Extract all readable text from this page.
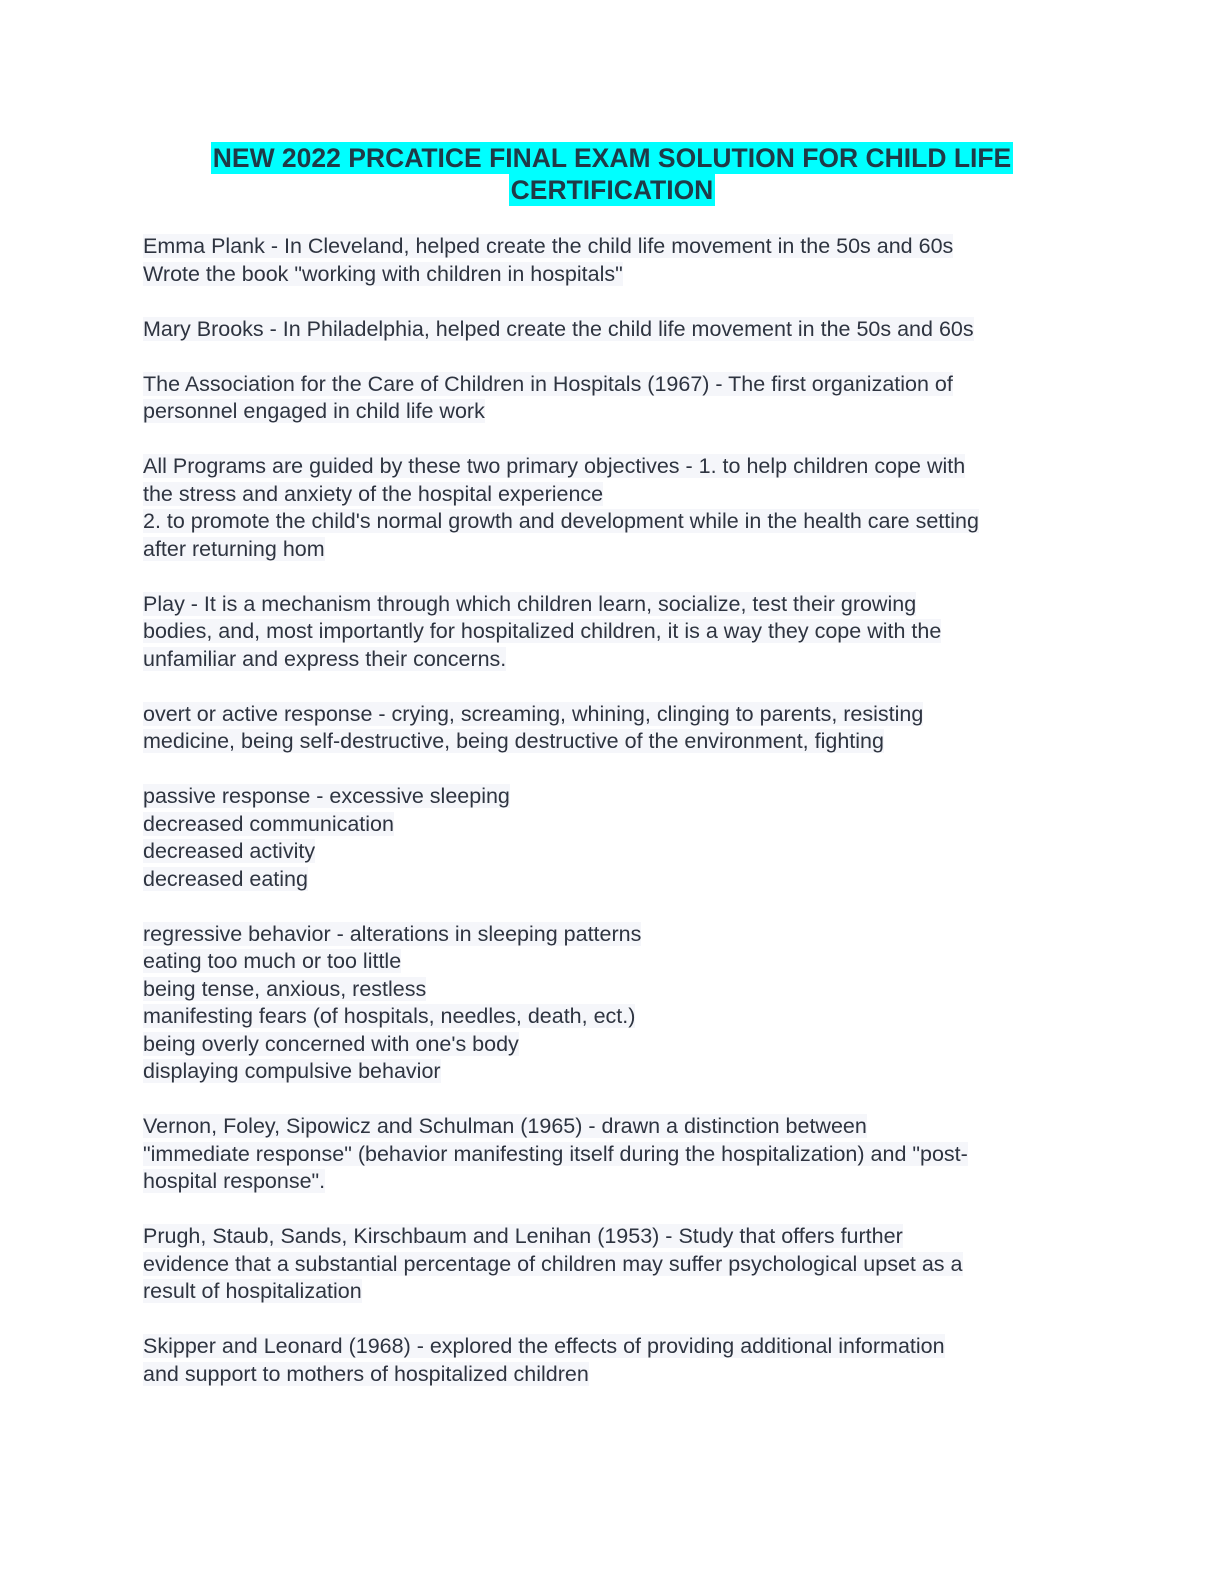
NEW 2022 PRCATICE FINAL EXAM SOLUTION FOR CHILD LIFE
CERTIFICATION
Emma Plank - In Cleveland, helped create the child life movement in the 50s and 60s
Wrote the book "working with children in hospitals"
Mary Brooks - In Philadelphia, helped create the child life movement in the 50s and 60s
The Association for the Care of Children in Hospitals (1967) - The first organization of
personnel engaged in child life work
All Programs are guided by these two primary objectives - 1. to help children cope with
the stress and anxiety of the hospital experience
2. to promote the child's normal growth and development while in the health care setting
after returning hom
Play - It is a mechanism through which children learn, socialize, test their growing
bodies, and, most importantly for hospitalized children, it is a way they cope with the
unfamiliar and express their concerns.
overt or active response - crying, screaming, whining, clinging to parents, resisting
medicine, being self-destructive, being destructive of the environment, fighting
passive response - excessive sleeping
decreased communication
decreased activity
decreased eating
regressive behavior - alterations in sleeping patterns
eating too much or too little
being tense, anxious, restless
manifesting fears (of hospitals, needles, death, ect.)
being overly concerned with one's body
displaying compulsive behavior
Vernon, Foley, Sipowicz and Schulman (1965) - drawn a distinction between
"immediate response" (behavior manifesting itself during the hospitalization) and "post-
hospital response".
Prugh, Staub, Sands, Kirschbaum and Lenihan (1953) - Study that offers further
evidence that a substantial percentage of children may suffer psychological upset as a
result of hospitalization
Skipper and Leonard (1968) - explored the effects of providing additional information
and support to mothers of hospitalized children
